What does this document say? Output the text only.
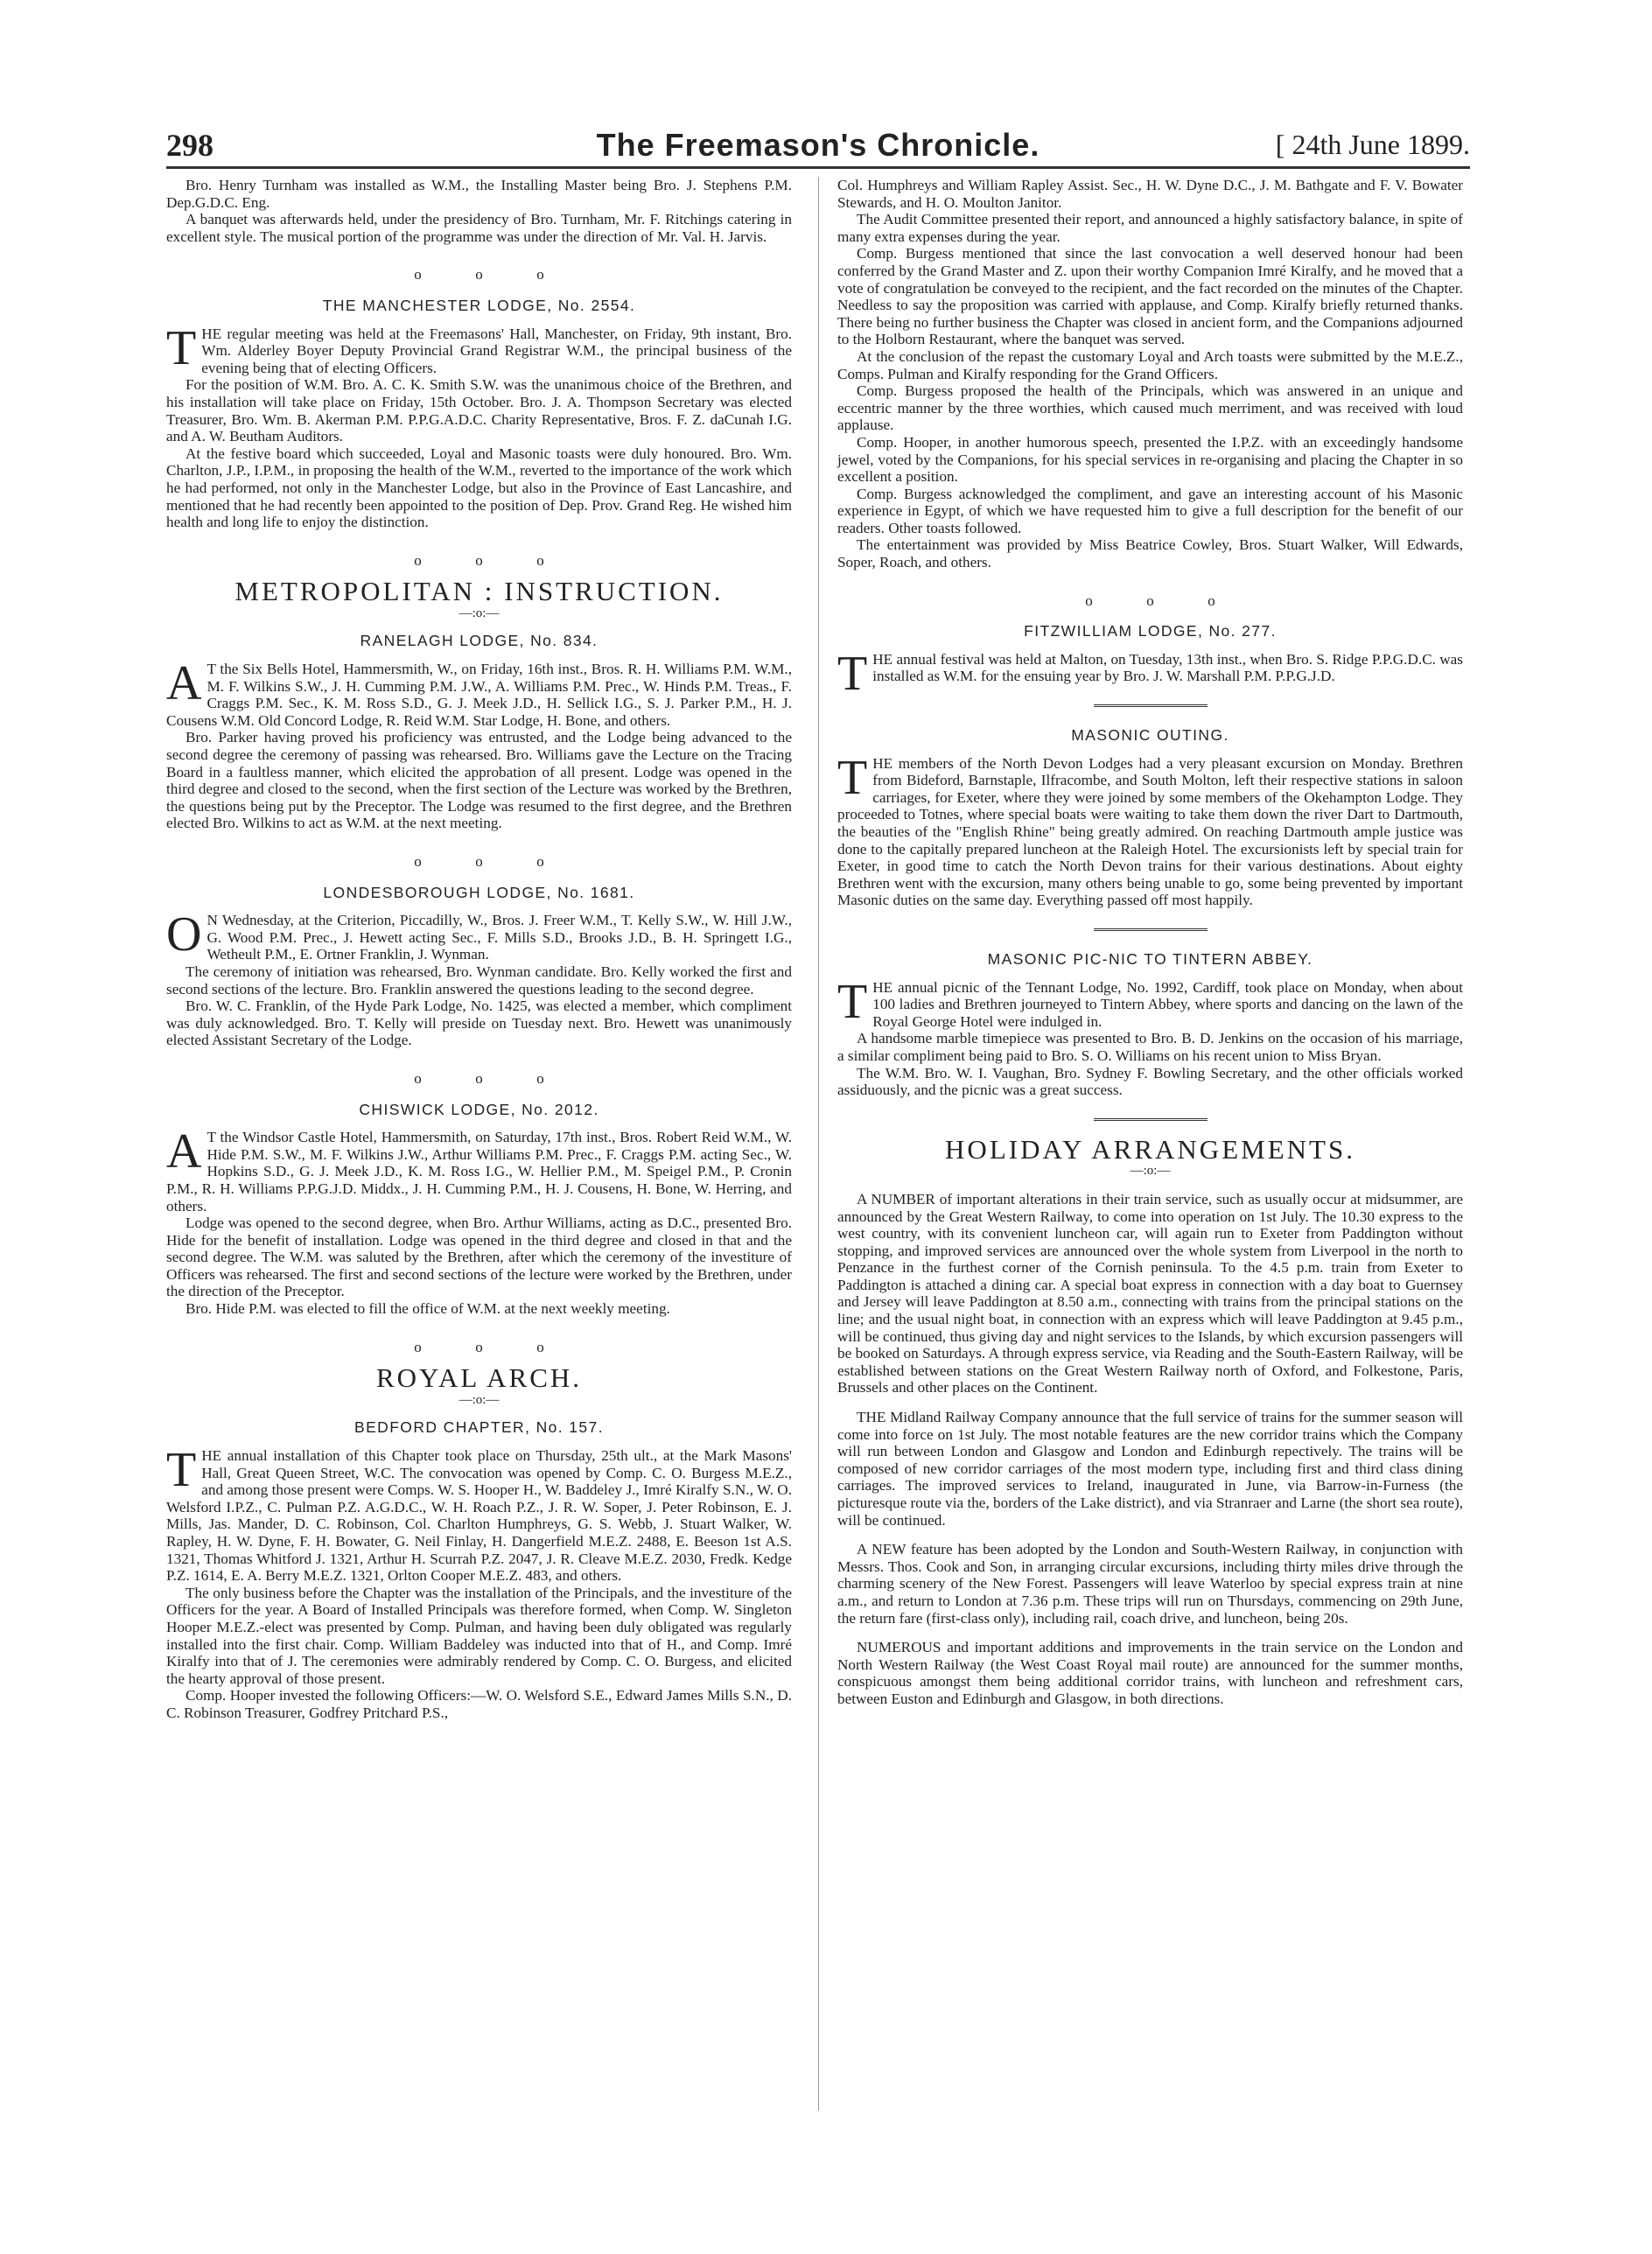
298	The Freemason's Chronicle.	[ 24th June 1899.

Bro. Henry Turnham was installed as W.M., the Installing Master being Bro. J. Stephens P.M. Dep.G.D.C. Eng.

A banquet was afterwards held, under the presidency of Bro. Turnham, Mr. F. Ritchings catering in excellent style. The musical portion of the programme was under the direction of Mr. Val. H. Jarvis.

o	o	o
THE MANCHESTER LODGE, No. 2554.

THE regular meeting was held at the Freemasons' Hall, Manchester, on Friday, 9th instant, Bro. Wm. Alderley Boyer Deputy Provincial Grand Registrar W.M., the principal business of the evening being that of electing Officers.

For the position of W.M. Bro. A. C. K. Smith S.W. was the unanimous choice of the Brethren, and his installation will take place on Friday, 15th October. Bro. J. A. Thompson Secretary was elected Treasurer, Bro. Wm. B. Akerman P.M. P.P.G.A.D.C. Charity Representative, Bros. F. Z. daCunah I.G. and A. W. Beutham Auditors.

At the festive board which succeeded, Loyal and Masonic toasts were duly honoured. Bro. Wm. Charlton, J.P., I.P.M., in proposing the health of the W.M., reverted to the importance of the work which he had performed, not only in the Manchester Lodge, but also in the Province of East Lancashire, and mentioned that he had recently been appointed to the position of Dep. Prov. Grand Reg. He wished him health and long life to enjoy the distinction.

o	o	o
METROPOLITAN : INSTRUCTION.
—:o:—
RANELAGH LODGE, No. 834.

A T the Six Bells Hotel, Hammersmith, W., on Friday, 16th inst., Bros. R. H. Williams P.M. W.M., M. F. Wilkins S.W., J. H. Cumming P.M. J.W., A. Williams P.M. Prec., W. Hinds P.M. Treas., F. Craggs P.M. Sec., K. M. Ross S.D., G. J. Meek J.D., H. Sellick I.G., S. J. Parker P.M., H. J. Cousens W.M. Old Concord Lodge, R. Reid W.M. Star Lodge, H. Bone, and others.

Bro. Parker having proved his proficiency was entrusted, and the Lodge being advanced to the second degree the ceremony of passing was rehearsed. Bro. Williams gave the Lecture on the Tracing Board in a faultless manner, which elicited the approbation of all present. Lodge was opened in the third degree and closed to the second, when the first section of the Lecture was worked by the Brethren, the questions being put by the Preceptor. The Lodge was resumed to the first degree, and the Brethren elected Bro. Wilkins to act as W.M. at the next meeting.

o	o	o
LONDESBOROUGH LODGE, No. 1681.

O N Wednesday, at the Criterion, Piccadilly, W., Bros. J. Freer W.M., T. Kelly S.W., W. Hill J.W., G. Wood P.M. Prec., J. Hewett acting Sec., F. Mills S.D., Brooks J.D., B. H. Springett I.G., Wetheult P.M., E. Ortner Franklin, J. Wynman.

The ceremony of initiation was rehearsed, Bro. Wynman candidate. Bro. Kelly worked the first and second sections of the lecture. Bro. Franklin answered the questions leading to the second degree.

Bro. W. C. Franklin, of the Hyde Park Lodge, No. 1425, was elected a member, which compliment was duly acknowledged. Bro. T. Kelly will preside on Tuesday next. Bro. Hewett was unanimously elected Assistant Secretary of the Lodge.

o	o	o
CHISWICK LODGE, No. 2012.

A T the Windsor Castle Hotel, Hammersmith, on Saturday, 17th inst., Bros. Robert Reid W.M., W. Hide P.M. S.W., M. F. Wilkins J.W., Arthur Williams P.M. Prec., F. Craggs P.M. acting Sec., W. Hopkins S.D., G. J. Meek J.D., K. M. Ross I.G., W. Hellier P.M., M. Speigel P.M., P. Cronin P.M., R. H. Williams P.P.G.J.D. Middx., J. H. Cumming P.M., H. J. Cousens, H. Bone, W. Herring, and others.

Lodge was opened to the second degree, when Bro. Arthur Williams, acting as D.C., presented Bro. Hide for the benefit of installation. Lodge was opened in the third degree and closed in that and the second degree. The W.M. was saluted by the Brethren, after which the ceremony of the investiture of Officers was rehearsed. The first and second sections of the lecture were worked by the Brethren, under the direction of the Preceptor.

Bro. Hide P.M. was elected to fill the office of W.M. at the next weekly meeting.

o	o	o
ROYAL ARCH.
—:o:—
BEDFORD CHAPTER, No. 157.

THE annual installation of this Chapter took place on Thursday, 25th ult., at the Mark Masons' Hall, Great Queen Street, W.C. The convocation was opened by Comp. C. O. Burgess M.E.Z., and among those present were Comps. W. S. Hooper H., W. Baddeley J., Imré Kiralfy S.N., W. O. Welsford I.P.Z., C. Pulman P.Z. A.G.D.C., W. H. Roach P.Z., J. R. W. Soper, J. Peter Robinson, E. J. Mills, Jas. Mander, D. C. Robinson, Col. Charlton Humphreys, G. S. Webb, J. Stuart Walker, W. Rapley, H. W. Dyne, F. H. Bowater, G. Neil Finlay, H. Dangerfield M.E.Z. 2488, E. Beeson 1st A.S. 1321, Thomas Whitford J. 1321, Arthur H. Scurrah P.Z. 2047, J. R. Cleave M.E.Z. 2030, Fredk. Kedge P.Z. 1614, E. A. Berry M.E.Z. 1321, Orlton Cooper M.E.Z. 483, and others.

The only business before the Chapter was the installation of the Principals, and the investiture of the Officers for the year. A Board of Installed Principals was therefore formed, when Comp. W. Singleton Hooper M.E.Z.-elect was presented by Comp. Pulman, and having been duly obligated was regularly installed into the first chair. Comp. William Baddeley was inducted into that of H., and Comp. Imré Kiralfy into that of J. The ceremonies were admirably rendered by Comp. C. O. Burgess, and elicited the hearty approval of those present.

Comp. Hooper invested the following Officers:—W. O. Welsford S.E., Edward James Mills S.N., D. C. Robinson Treasurer, Godfrey Pritchard P.S.,

Col. Humphreys and William Rapley Assist. Sec., H. W. Dyne D.C., J. M. Bathgate and F. V. Bowater Stewards, and H. O. Moulton Janitor.

The Audit Committee presented their report, and announced a highly satisfactory balance, in spite of many extra expenses during the year.

Comp. Burgess mentioned that since the last convocation a well deserved honour had been conferred by the Grand Master and Z. upon their worthy Companion Imré Kiralfy, and he moved that a vote of congratulation be conveyed to the recipient, and the fact recorded on the minutes of the Chapter. Needless to say the proposition was carried with applause, and Comp. Kiralfy briefly returned thanks. There being no further business the Chapter was closed in ancient form, and the Companions adjourned to the Holborn Restaurant, where the banquet was served.

At the conclusion of the repast the customary Loyal and Arch toasts were submitted by the M.E.Z., Comps. Pulman and Kiralfy responding for the Grand Officers.

Comp. Burgess proposed the health of the Principals, which was answered in an unique and eccentric manner by the three worthies, which caused much merriment, and was received with loud applause.

Comp. Hooper, in another humorous speech, presented the I.P.Z. with an exceedingly handsome jewel, voted by the Companions, for his special services in re-organising and placing the Chapter in so excellent a position.

Comp. Burgess acknowledged the compliment, and gave an interesting account of his Masonic experience in Egypt, of which we have requested him to give a full description for the benefit of our readers. Other toasts followed.

The entertainment was provided by Miss Beatrice Cowley, Bros. Stuart Walker, Will Edwards, Soper, Roach, and others.

o	o	o
FITZWILLIAM LODGE, No. 277.

THE annual festival was held at Malton, on Tuesday, 13th inst., when Bro. S. Ridge P.P.G.D.C. was installed as W.M. for the ensuing year by Bro. J. W. Marshall P.M. P.P.G.J.D.

MASONIC OUTING.

THE members of the North Devon Lodges had a very pleasant excursion on Monday. Brethren from Bideford, Barnstaple, Ilfracombe, and South Molton, left their respective stations in saloon carriages, for Exeter, where they were joined by some members of the Okehampton Lodge. They proceeded to Totnes, where special boats were waiting to take them down the river Dart to Dartmouth, the beauties of the "English Rhine" being greatly admired. On reaching Dartmouth ample justice was done to the capitally prepared luncheon at the Raleigh Hotel. The excursionists left by special train for Exeter, in good time to catch the North Devon trains for their various destinations. About eighty Brethren went with the excursion, many others being unable to go, some being prevented by important Masonic duties on the same day. Everything passed off most happily.

MASONIC PIC-NIC TO TINTERN ABBEY.

THE annual picnic of the Tennant Lodge, No. 1992, Cardiff, took place on Monday, when about 100 ladies and Brethren journeyed to Tintern Abbey, where sports and dancing on the lawn of the Royal George Hotel were indulged in.

A handsome marble timepiece was presented to Bro. B. D. Jenkins on the occasion of his marriage, a similar compliment being paid to Bro. S. O. Williams on his recent union to Miss Bryan.

The W.M. Bro. W. I. Vaughan, Bro. Sydney F. Bowling Secretary, and the other officials worked assiduously, and the picnic was a great success.

HOLIDAY ARRANGEMENTS.
—:o:—

A NUMBER of important alterations in their train service, such as usually occur at midsummer, are announced by the Great Western Railway, to come into operation on 1st July. The 10.30 express to the west country, with its convenient luncheon car, will again run to Exeter from Paddington without stopping, and improved services are announced over the whole system from Liverpool in the north to Penzance in the furthest corner of the Cornish peninsula. To the 4.5 p.m. train from Exeter to Paddington is attached a dining car. A special boat express in connection with a day boat to Guernsey and Jersey will leave Paddington at 8.50 a.m., connecting with trains from the principal stations on the line; and the usual night boat, in connection with an express which will leave Paddington at 9.45 p.m., will be continued, thus giving day and night services to the Islands, by which excursion passengers will be booked on Saturdays. A through express service, via Reading and the South-Eastern Railway, will be established between stations on the Great Western Railway north of Oxford, and Folkestone, Paris, Brussels and other places on the Continent.

THE Midland Railway Company announce that the full service of trains for the summer season will come into force on 1st July. The most notable features are the new corridor trains which the Company will run between London and Glasgow and London and Edinburgh repectively. The trains will be composed of new corridor carriages of the most modern type, including first and third class dining carriages. The improved services to Ireland, inaugurated in June, via Barrow-in-Furness (the picturesque route via the, borders of the Lake district), and via Stranraer and Larne (the short sea route), will be continued.

A NEW feature has been adopted by the London and South-Western Railway, in conjunction with Messrs. Thos. Cook and Son, in arranging circular excursions, including thirty miles drive through the charming scenery of the New Forest. Passengers will leave Waterloo by special express train at nine a.m., and return to London at 7.36 p.m. These trips will run on Thursdays, commencing on 29th June, the return fare (first-class only), including rail, coach drive, and luncheon, being 20s.

NUMEROUS and important additions and improvements in the train service on the London and North Western Railway (the West Coast Royal mail route) are announced for the summer months, conspicuous amongst them being additional corridor trains, with luncheon and refreshment cars, between Euston and Edinburgh and Glasgow, in both directions.
